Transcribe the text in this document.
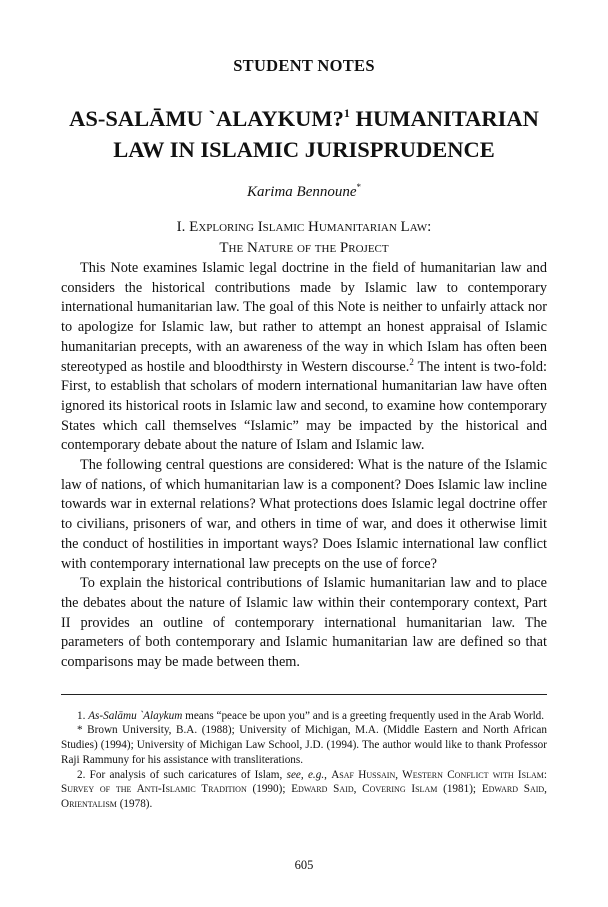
STUDENT NOTES

AS-SALĀMU `ALAYKUM?$^1$ HUMANITARIAN LAW IN ISLAMIC JURISPRUDENCE

Karima Bennoune*

I. Exploring Islamic Humanitarian Law:
The Nature of the Project

This Note examines Islamic legal doctrine in the field of humanitarian law and considers the historical contributions made by Islamic law to contemporary international humanitarian law. The goal of this Note is neither to unfairly attack nor to apologize for Islamic law, but rather to attempt an honest appraisal of Islamic humanitarian precepts, with an awareness of the way in which Islam has often been stereotyped as hostile and bloodthirsty in Western discourse.$^2$ The intent is two-fold: First, to establish that scholars of modern international humanitarian law have often ignored its historical roots in Islamic law and second, to examine how contemporary States which call themselves “Islamic” may be impacted by the historical and contemporary debate about the nature of Islam and Islamic law.

The following central questions are considered: What is the nature of the Islamic law of nations, of which humanitarian law is a component? Does Islamic law incline towards war in external relations? What protections does Islamic legal doctrine offer to civilians, prisoners of war, and others in time of war, and does it otherwise limit the conduct of hostilities in important ways? Does Islamic international law conflict with contemporary international law precepts on the use of force?

To explain the historical contributions of Islamic humanitarian law and to place the debates about the nature of Islamic law within their contemporary context, Part II provides an outline of contemporary international humanitarian law. The parameters of both contemporary and Islamic humanitarian law are defined so that comparisons may be made between them.

1. As-Salāmu `Alaykum means “peace be upon you” and is a greeting frequently used in the Arab World.

* Brown University, B.A. (1988); University of Michigan, M.A. (Middle Eastern and North African Studies) (1994); University of Michigan Law School, J.D. (1994). The author would like to thank Professor Raji Rammuny for his assistance with transliterations.

2. For analysis of such caricatures of Islam, see, e.g., Asaf Hussain, Western Conflict with Islam: Survey of the Anti-Islamic Tradition (1990); Edward Said, Covering Islam (1981); Edward Said, Orientalism (1978).

605
